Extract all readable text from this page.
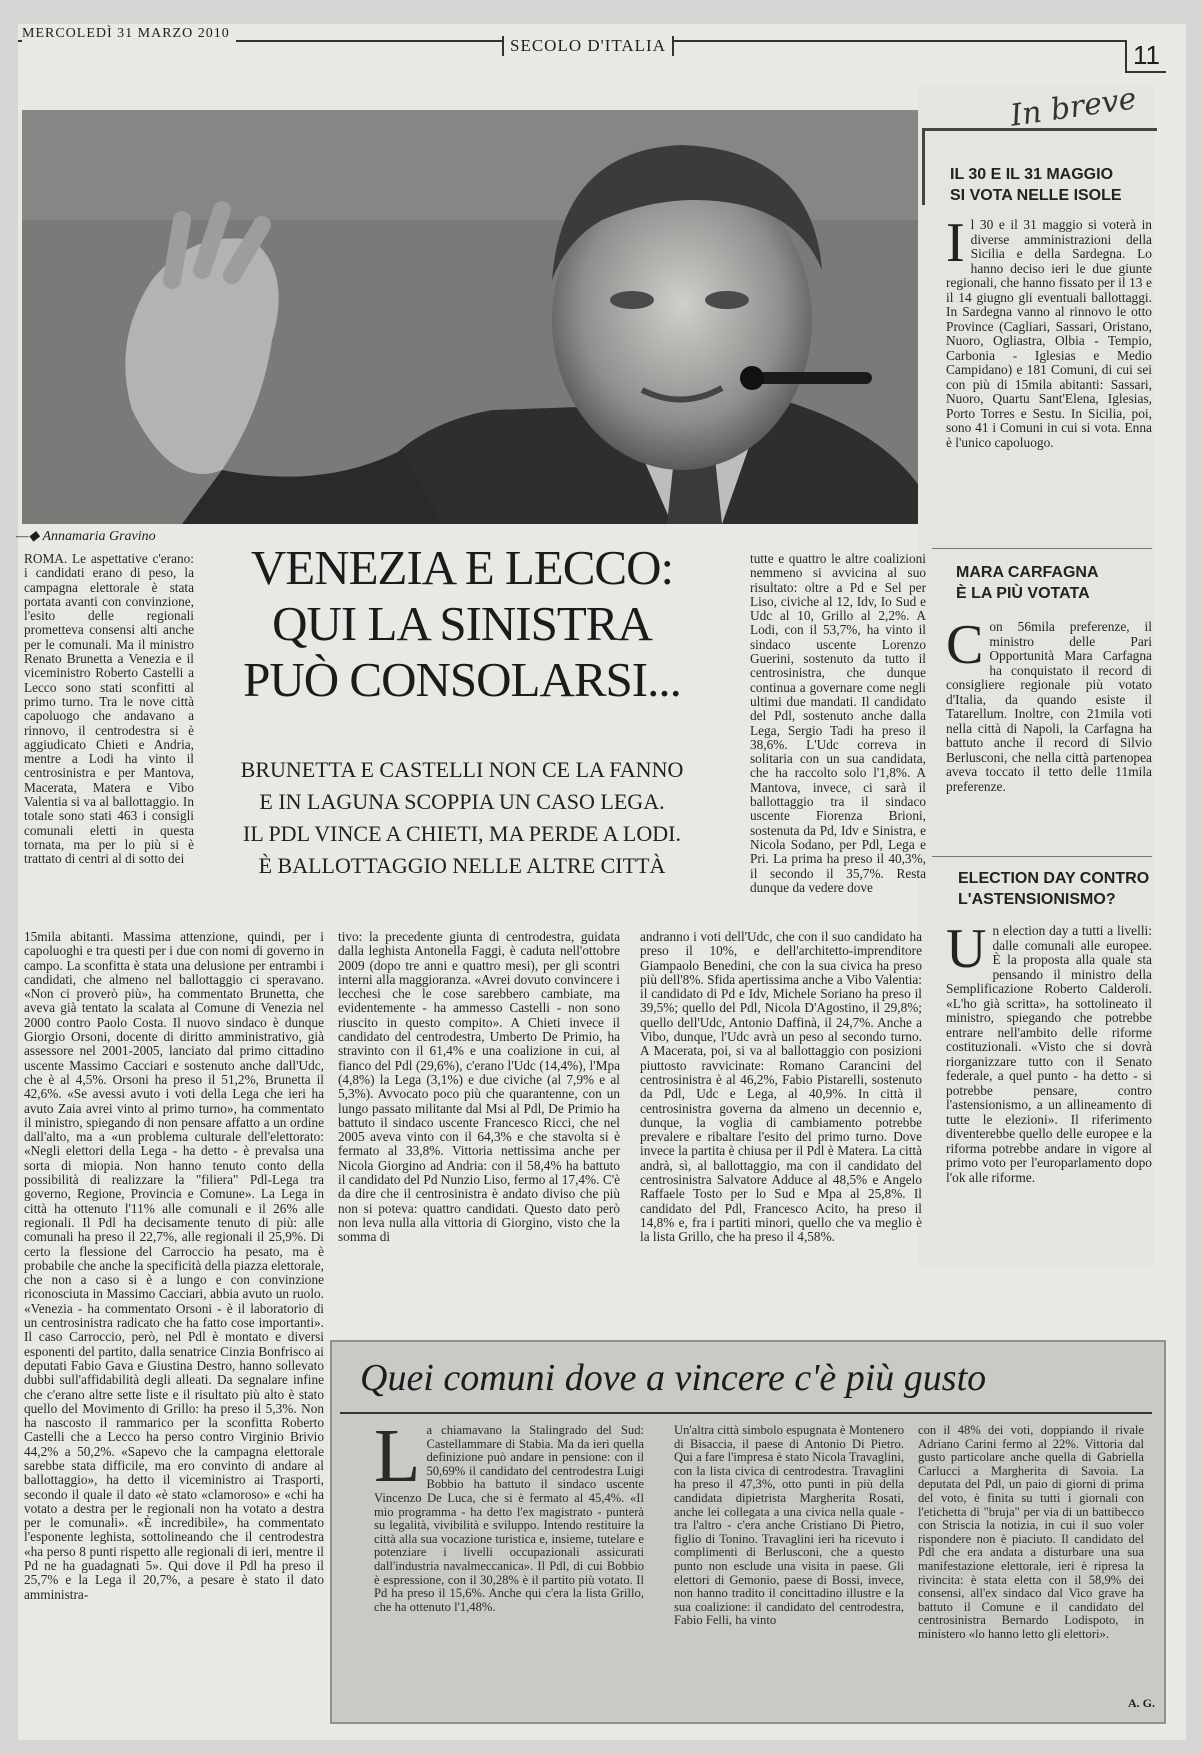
MERCOLEDÌ 31 MARZO 2010
SECOLO D'ITALIA	11
In breve
IL 30 E IL 31 MAGGIO
SI VOTA NELLE ISOLE
I l 30 e il 31 maggio si voterà in diverse amministrazioni della Sicilia e della Sardegna. Lo hanno deciso ieri le due giunte regionali, che hanno fissato per il 13 e il 14 giugno gli eventuali ballottaggi. In Sardegna vanno al rinnovo le otto Province (Cagliari, Sassari, Oristano, Nuoro, Ogliastra, Olbia - Tempio, Carbonia - Iglesias e Medio Campidano) e 181 Comuni, di cui sei con più di 15mila abitanti: Sassari, Nuoro, Quartu Sant'Elena, Iglesias, Porto Torres e Sestu. In Sicilia, poi, sono 41 i Comuni in cui si vota. Enna è l'unico capoluogo.
MARA CARFAGNA
È LA PIÙ VOTATA
C on 56mila preferenze, il ministro delle Pari Opportunità Mara Carfagna ha conquistato il record di consigliere regionale più votato d'Italia, da quando esiste il Tatarellum. Inoltre, con 21mila voti nella città di Napoli, la Carfagna ha battuto anche il record di Silvio Berlusconi, che nella città partenopea aveva toccato il tetto delle 11mila preferenze.
ELECTION DAY CONTRO
L'ASTENSIONISMO?
U n election day a tutti a livelli: dalle comunali alle europee. È la proposta alla quale sta pensando il ministro della Semplificazione Roberto Calderoli. «L'ho già scritta», ha sottolineato il ministro, spiegando che potrebbe entrare nell'ambito delle riforme costituzionali. «Visto che si dovrà riorganizzare tutto con il Senato federale, a quel punto - ha detto - si potrebbe pensare, contro l'astensionismo, a un allineamento di tutte le elezioni». Il riferimento diventerebbe quello delle europee e la riforma potrebbe andare in vigore al primo voto per l'europarlamento dopo l'ok alle riforme.
—◆ Annamaria Gravino
ROMA. Le aspettative c'erano: i candidati erano di peso, la campagna elettorale è stata portata avanti con convinzione, l'esito delle regionali prometteva consensi alti anche per le comunali. Ma il ministro Renato Brunetta a Venezia e il viceministro Roberto Castelli a Lecco sono stati sconfitti al primo turno. Tra le nove città capoluogo che andavano a rinnovo, il centrodestra si è aggiudicato Chieti e Andria, mentre a Lodi ha vinto il centrosinistra e per Mantova, Macerata, Matera e Vibo Valentia si va al ballottaggio. In totale sono stati 463 i consigli comunali eletti in questa tornata, ma per lo più si è trattato di centri al di sotto dei
VENEZIA E LECCO:
QUI LA SINISTRA
PUÒ CONSOLARSI...
BRUNETTA E CASTELLI NON CE LA FANNO
E IN LAGUNA SCOPPIA UN CASO LEGA.
IL PDL VINCE A CHIETI, MA PERDE A LODI.
È BALLOTTAGGIO NELLE ALTRE CITTÀ
15mila abitanti. Massima attenzione, quindi, per i capoluoghi e tra questi per i due con nomi di governo in campo. La sconfitta è stata una delusione per entrambi i candidati, che almeno nel ballottaggio ci speravano. «Non ci proverò più», ha commentato Brunetta, che aveva già tentato la scalata al Comune di Venezia nel 2000 contro Paolo Costa. Il nuovo sindaco è dunque Giorgio Orsoni, docente di diritto amministrativo, già assessore nel 2001-2005, lanciato dal primo cittadino uscente Massimo Cacciari e sostenuto anche dall'Udc, che è al 4,5%. Orsoni ha preso il 51,2%, Brunetta il 42,6%. «Se avessi avuto i voti della Lega che ieri ha avuto Zaia avrei vinto al primo turno», ha commentato il ministro, spiegando di non pensare affatto a un ordine dall'alto, ma a «un problema culturale dell'elettorato: «Negli elettori della Lega - ha detto - è prevalsa una sorta di miopia. Non hanno tenuto conto della possibilità di realizzare la "filiera" Pdl-Lega tra governo, Regione, Provincia e Comune». La Lega in città ha ottenuto l'11% alle comunali e il 26% alle regionali. Il Pdl ha decisamente tenuto di più: alle comunali ha preso il 22,7%, alle regionali il 25,9%. Di certo la flessione del Carroccio ha pesato, ma è probabile che anche la specificità della piazza elettorale, che non a caso si è a lungo e con convinzione riconosciuta in Massimo Cacciari, abbia avuto un ruolo. «Venezia - ha commentato Orsoni - è il laboratorio di un centrosinistra radicato che ha fatto cose importanti». Il caso Carroccio, però, nel Pdl è montato e diversi esponenti del partito, dalla senatrice Cinzia Bonfrisco ai deputati Fabio Gava e Giustina Destro, hanno sollevato dubbi sull'affidabilità degli alleati. Da segnalare infine che c'erano altre sette liste e il risultato più alto è stato quello del Movimento di Grillo: ha preso il 5,3%. Non ha nascosto il rammarico per la sconfitta Roberto Castelli che a Lecco ha perso contro Virginio Brivio 44,2% a 50,2%. «Sapevo che la campagna elettorale sarebbe stata difficile, ma ero convinto di andare al ballottaggio», ha detto il viceministro ai Trasporti, secondo il quale il dato «è stato «clamoroso» e «chi ha votato a destra per le regionali non ha votato a destra per le comunali». «È incredibile», ha commentato l'esponente leghista, sottolineando che il centrodestra «ha perso 8 punti rispetto alle regionali di ieri, mentre il Pd ne ha guadagnati 5». Qui dove il Pdl ha preso il 25,7% e la Lega il 20,7%, a pesare è stato il dato amministra-
tivo: la precedente giunta di centrodestra, guidata dalla leghista Antonella Faggi, è caduta nell'ottobre 2009 (dopo tre anni e quattro mesi), per gli scontri interni alla maggioranza. «Avrei dovuto convincere i lecchesi che le cose sarebbero cambiate, ma evidentemente - ha ammesso Castelli - non sono riuscito in questo compito». A Chieti invece il candidato del centrodestra, Umberto De Primio, ha stravinto con il 61,4% e una coalizione in cui, al fianco del Pdl (29,6%), c'erano l'Udc (14,4%), l'Mpa (4,8%) la Lega (3,1%) e due civiche (al 7,9% e al 5,3%). Avvocato poco più che quarantenne, con un lungo passato militante dal Msi al Pdl, De Primio ha battuto il sindaco uscente Francesco Ricci, che nel 2005 aveva vinto con il 64,3% e che stavolta si è fermato al 33,8%. Vittoria nettissima anche per Nicola Giorgino ad Andria: con il 58,4% ha battuto il candidato del Pd Nunzio Liso, fermo al 17,4%. C'è da dire che il centrosinistra è andato diviso che più non si poteva: quattro candidati. Questo dato però non leva nulla alla vittoria di Giorgino, visto che la somma di
tutte e quattro le altre coalizioni nemmeno si avvicina al suo risultato: oltre a Pd e Sel per Liso, civiche al 12, Idv, Io Sud e Udc al 10, Grillo al 2,2%. A Lodi, con il 53,7%, ha vinto il sindaco uscente Lorenzo Guerini, sostenuto da tutto il centrosinistra, che dunque continua a governare come negli ultimi due mandati. Il candidato del Pdl, sostenuto anche dalla Lega, Sergio Tadi ha preso il 38,6%. L'Udc correva in solitaria con un sua candidata, che ha raccolto solo l'1,8%. A Mantova, invece, ci sarà il ballottaggio tra il sindaco uscente Fiorenza Brioni, sostenuta da Pd, Idv e Sinistra, e Nicola Sodano, per Pdl, Lega e Pri. La prima ha preso il 40,3%, il secondo il 35,7%. Resta dunque da vedere dove
andranno i voti dell'Udc, che con il suo candidato ha preso il 10%, e dell'architetto-imprenditore Giampaolo Benedini, che con la sua civica ha preso più dell'8%. Sfida apertissima anche a Vibo Valentia: il candidato di Pd e Idv, Michele Soriano ha preso il 39,5%; quello del Pdl, Nicola D'Agostino, il 29,8%; quello dell'Udc, Antonio Daffinà, il 24,7%. Anche a Vibo, dunque, l'Udc avrà un peso al secondo turno. A Macerata, poi, si va al ballottaggio con posizioni piuttosto ravvicinate: Romano Carancini del centrosinistra è al 46,2%, Fabio Pistarelli, sostenuto da Pdl, Udc e Lega, al 40,9%. In città il centrosinistra governa da almeno un decennio e, dunque, la voglia di cambiamento potrebbe prevalere e ribaltare l'esito del primo turno. Dove invece la partita è chiusa per il Pdl è Matera. La città andrà, sì, al ballottaggio, ma con il candidato del centrosinistra Salvatore Adduce al 48,5% e Angelo Raffaele Tosto per lo Sud e Mpa al 25,8%. Il candidato del Pdl, Francesco Acito, ha preso il 14,8% e, fra i partiti minori, quello che va meglio è la lista Grillo, che ha preso il 4,58%.
Quei comuni dove a vincere c'è più gusto
L a chiamavano la Stalingrado del Sud: Castellammare di Stabia. Ma da ieri quella definizione può andare in pensione: con il 50,69% il candidato del centrodestra Luigi Bobbio ha battuto il sindaco uscente Vincenzo De Luca, che si è fermato al 45,4%. «Il mio programma - ha detto l'ex magistrato - punterà su legalità, vivibilità e sviluppo. Intendo restituire la città alla sua vocazione turistica e, insieme, tutelare e potenziare i livelli occupazionali assicurati dall'industria navalmeccanica». Il Pdl, di cui Bobbio è espressione, con il 30,28% è il partito più votato. Il Pd ha preso il 15,6%. Anche qui c'era la lista Grillo, che ha ottenuto l'1,48%.
Un'altra città simbolo espugnata è Montenero di Bisaccia, il paese di Antonio Di Pietro. Qui a fare l'impresa è stato Nicola Travaglini, con la lista civica di centrodestra. Travaglini ha preso il 47,3%, otto punti in più della candidata dipietrista Margherita Rosati, anche lei collegata a una civica nella quale - tra l'altro - c'era anche Cristiano Di Pietro, figlio di Tonino. Travaglini ieri ha ricevuto i complimenti di Berlusconi, che a questo punto non esclude una visita in paese. Gli elettori di Gemonio, paese di Bossi, invece, non hanno tradito il concittadino illustre e la sua coalizione: il candidato del centrodestra, Fabio Felli, ha vinto
con il 48% dei voti, doppiando il rivale Adriano Carini fermo al 22%. Vittoria dal gusto particolare anche quella di Gabriella Carlucci a Margherita di Savoia. La deputata del Pdl, un paio di giorni di prima del voto, è finita su tutti i giornali con l'etichetta di "bruja" per via di un battibecco con Striscia la notizia, in cui il suo voler rispondere non è piaciuto. Il candidato del Pdl che era andata a disturbare una sua manifestazione elettorale, ieri è ripresa la rivincita: è stata eletta con il 58,9% dei consensi, all'ex sindaco dal Vico grave ha battuto il Comune e il candidato del centrosinistra Bernardo Lodispoto, in ministero «lo hanno letto gli elettori».
A. G.
